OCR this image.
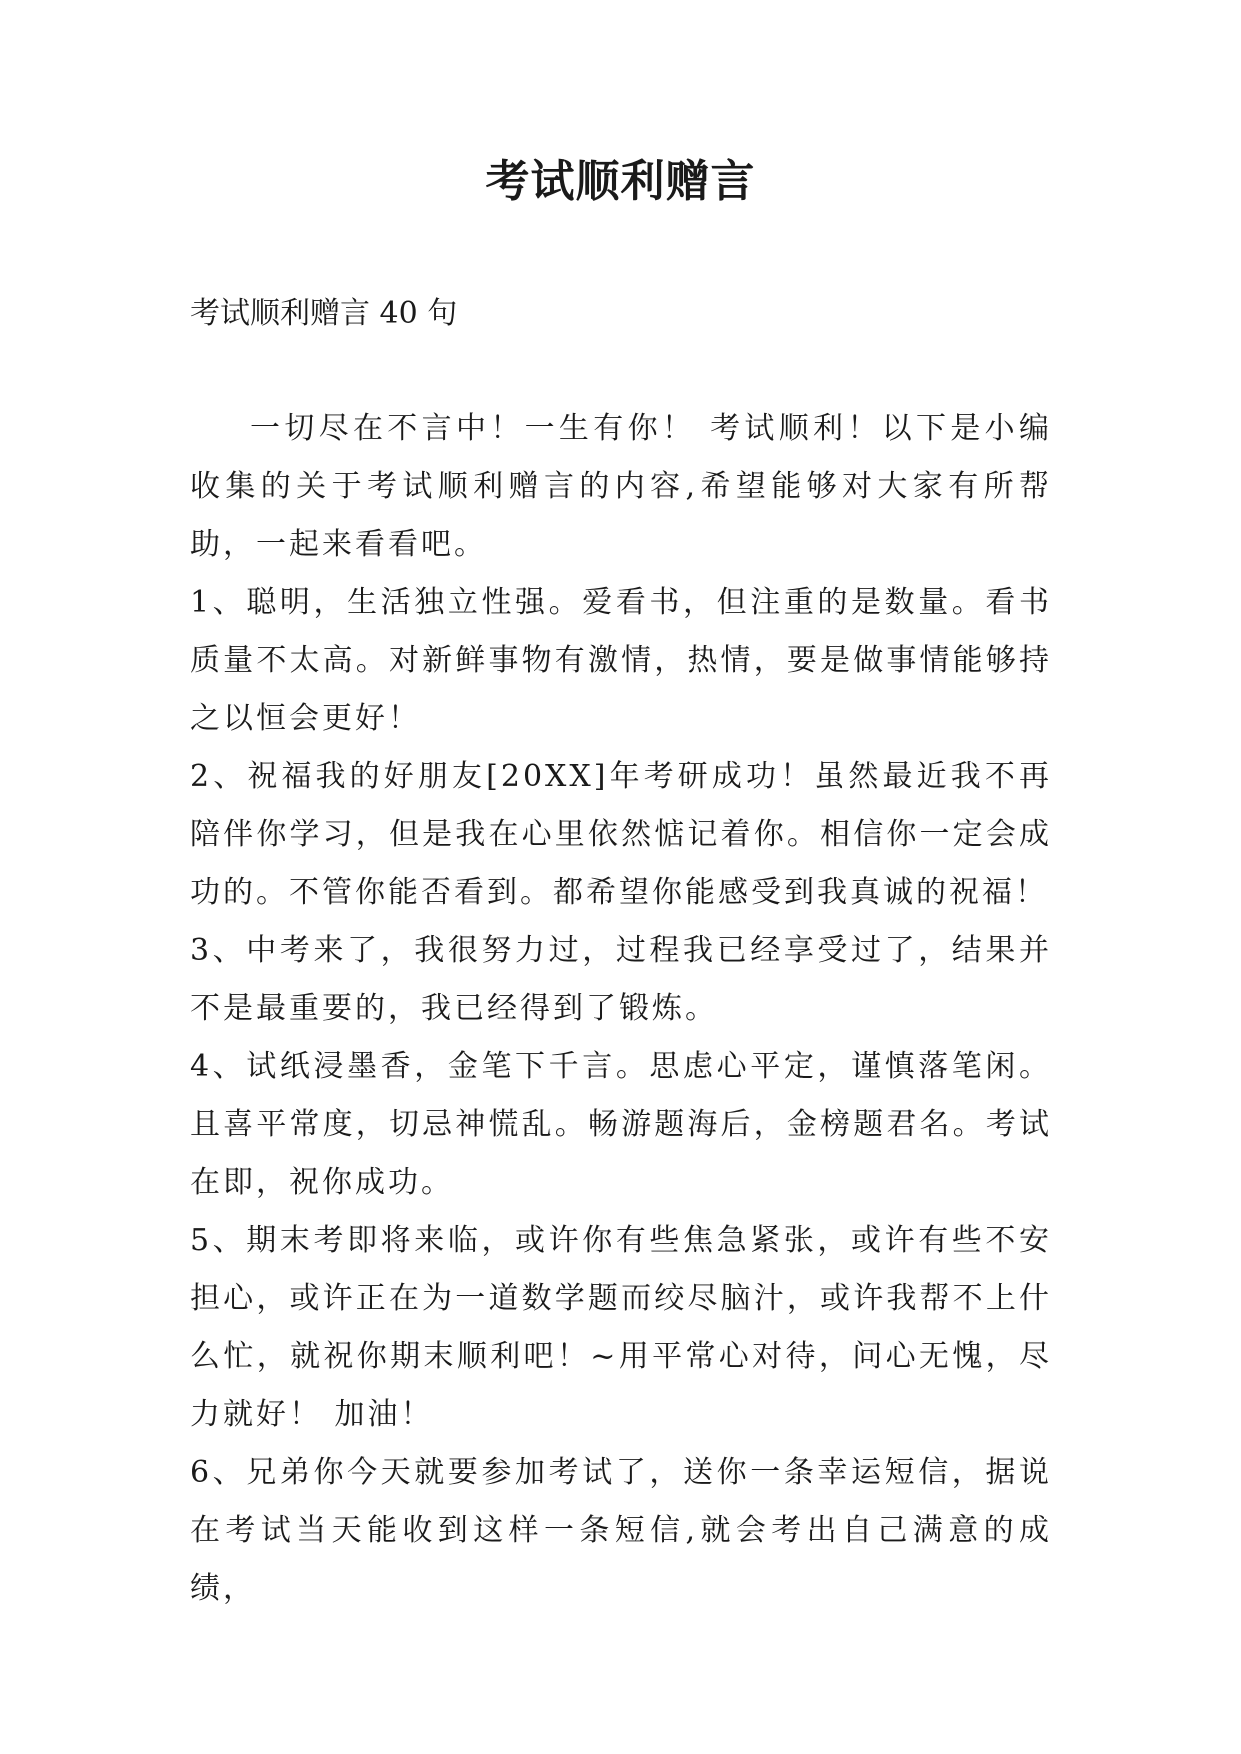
考试顺利赠言

考试顺利赠言 40 句

一切尽在不言中！一生有你！ 考试顺利！以下是小编收集的关于考试顺利赠言的内容,希望能够对大家有所帮助，一起来看看吧。

1、聪明，生活独立性强。爱看书，但注重的是数量。看书质量不太高。对新鲜事物有激情，热情，要是做事情能够持之以恒会更好！

2、祝福我的好朋友[20XX]年考研成功！虽然最近我不再陪伴你学习，但是我在心里依然惦记着你。相信你一定会成功的。不管你能否看到。都希望你能感受到我真诚的祝福！

3、中考来了，我很努力过，过程我已经享受过了，结果并不是最重要的，我已经得到了锻炼。

4、试纸浸墨香，金笔下千言。思虑心平定，谨慎落笔闲。且喜平常度，切忌神慌乱。畅游题海后，金榜题君名。考试在即，祝你成功。

5、期末考即将来临，或许你有些焦急紧张，或许有些不安担心，或许正在为一道数学题而绞尽脑汁，或许我帮不上什么忙，就祝你期末顺利吧！~用平常心对待，问心无愧，尽力就好！ 加油！

6、兄弟你今天就要参加考试了，送你一条幸运短信，据说在考试当天能收到这样一条短信,就会考出自己满意的成绩，
